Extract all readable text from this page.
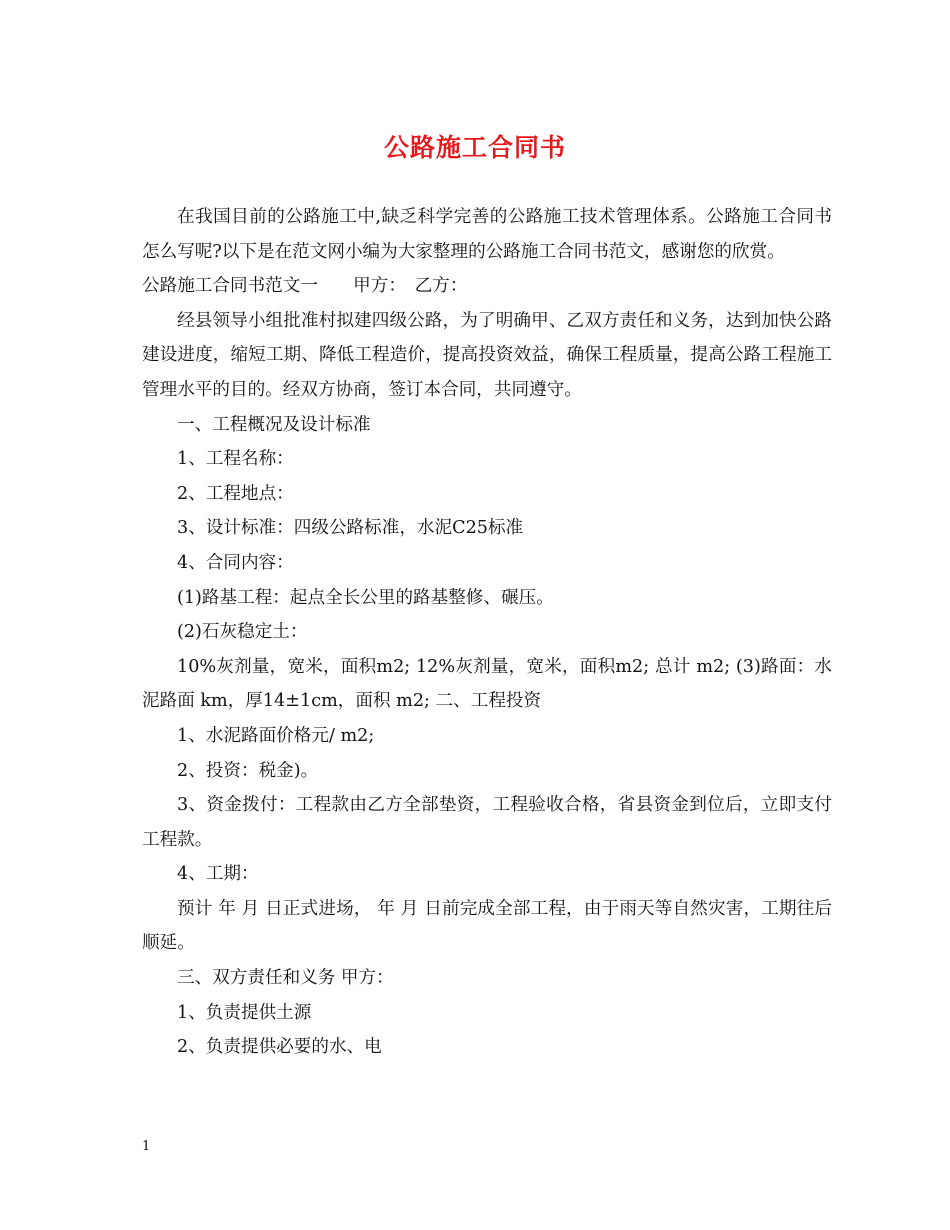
公路施工合同书

在我国目前的公路施工中,缺乏科学完善的公路施工技术管理体系。公路施工合同书怎么写呢?以下是在范文网小编为大家整理的公路施工合同书范文，感谢您的欣赏。

公路施工合同书范文一　　甲方：　乙方：

经县领导小组批准村拟建四级公路，为了明确甲、乙双方责任和义务，达到加快公路建设进度，缩短工期、降低工程造价，提高投资效益，确保工程质量，提高公路工程施工管理水平的目的。经双方协商，签订本合同，共同遵守。

一、工程概况及设计标准

1、工程名称：

2、工程地点：

3、设计标准：四级公路标准，水泥C25标准

4、合同内容：

(1)路基工程：起点全长公里的路基整修、碾压。

(2)石灰稳定土：

10%灰剂量，宽米，面积m2; 12%灰剂量，宽米，面积m2; 总计 m2; (3)路面：水泥路面 km，厚14±1cm，面积 m2; 二、工程投资

1、水泥路面价格元/ m2;

2、投资：税金)。

3、资金拨付：工程款由乙方全部垫资，工程验收合格，省县资金到位后，立即支付工程款。

4、工期：

预计 年 月 日正式进场， 年 月 日前完成全部工程，由于雨天等自然灾害，工期往后顺延。

三、双方责任和义务 甲方：

1、负责提供土源

2、负责提供必要的水、电

1
